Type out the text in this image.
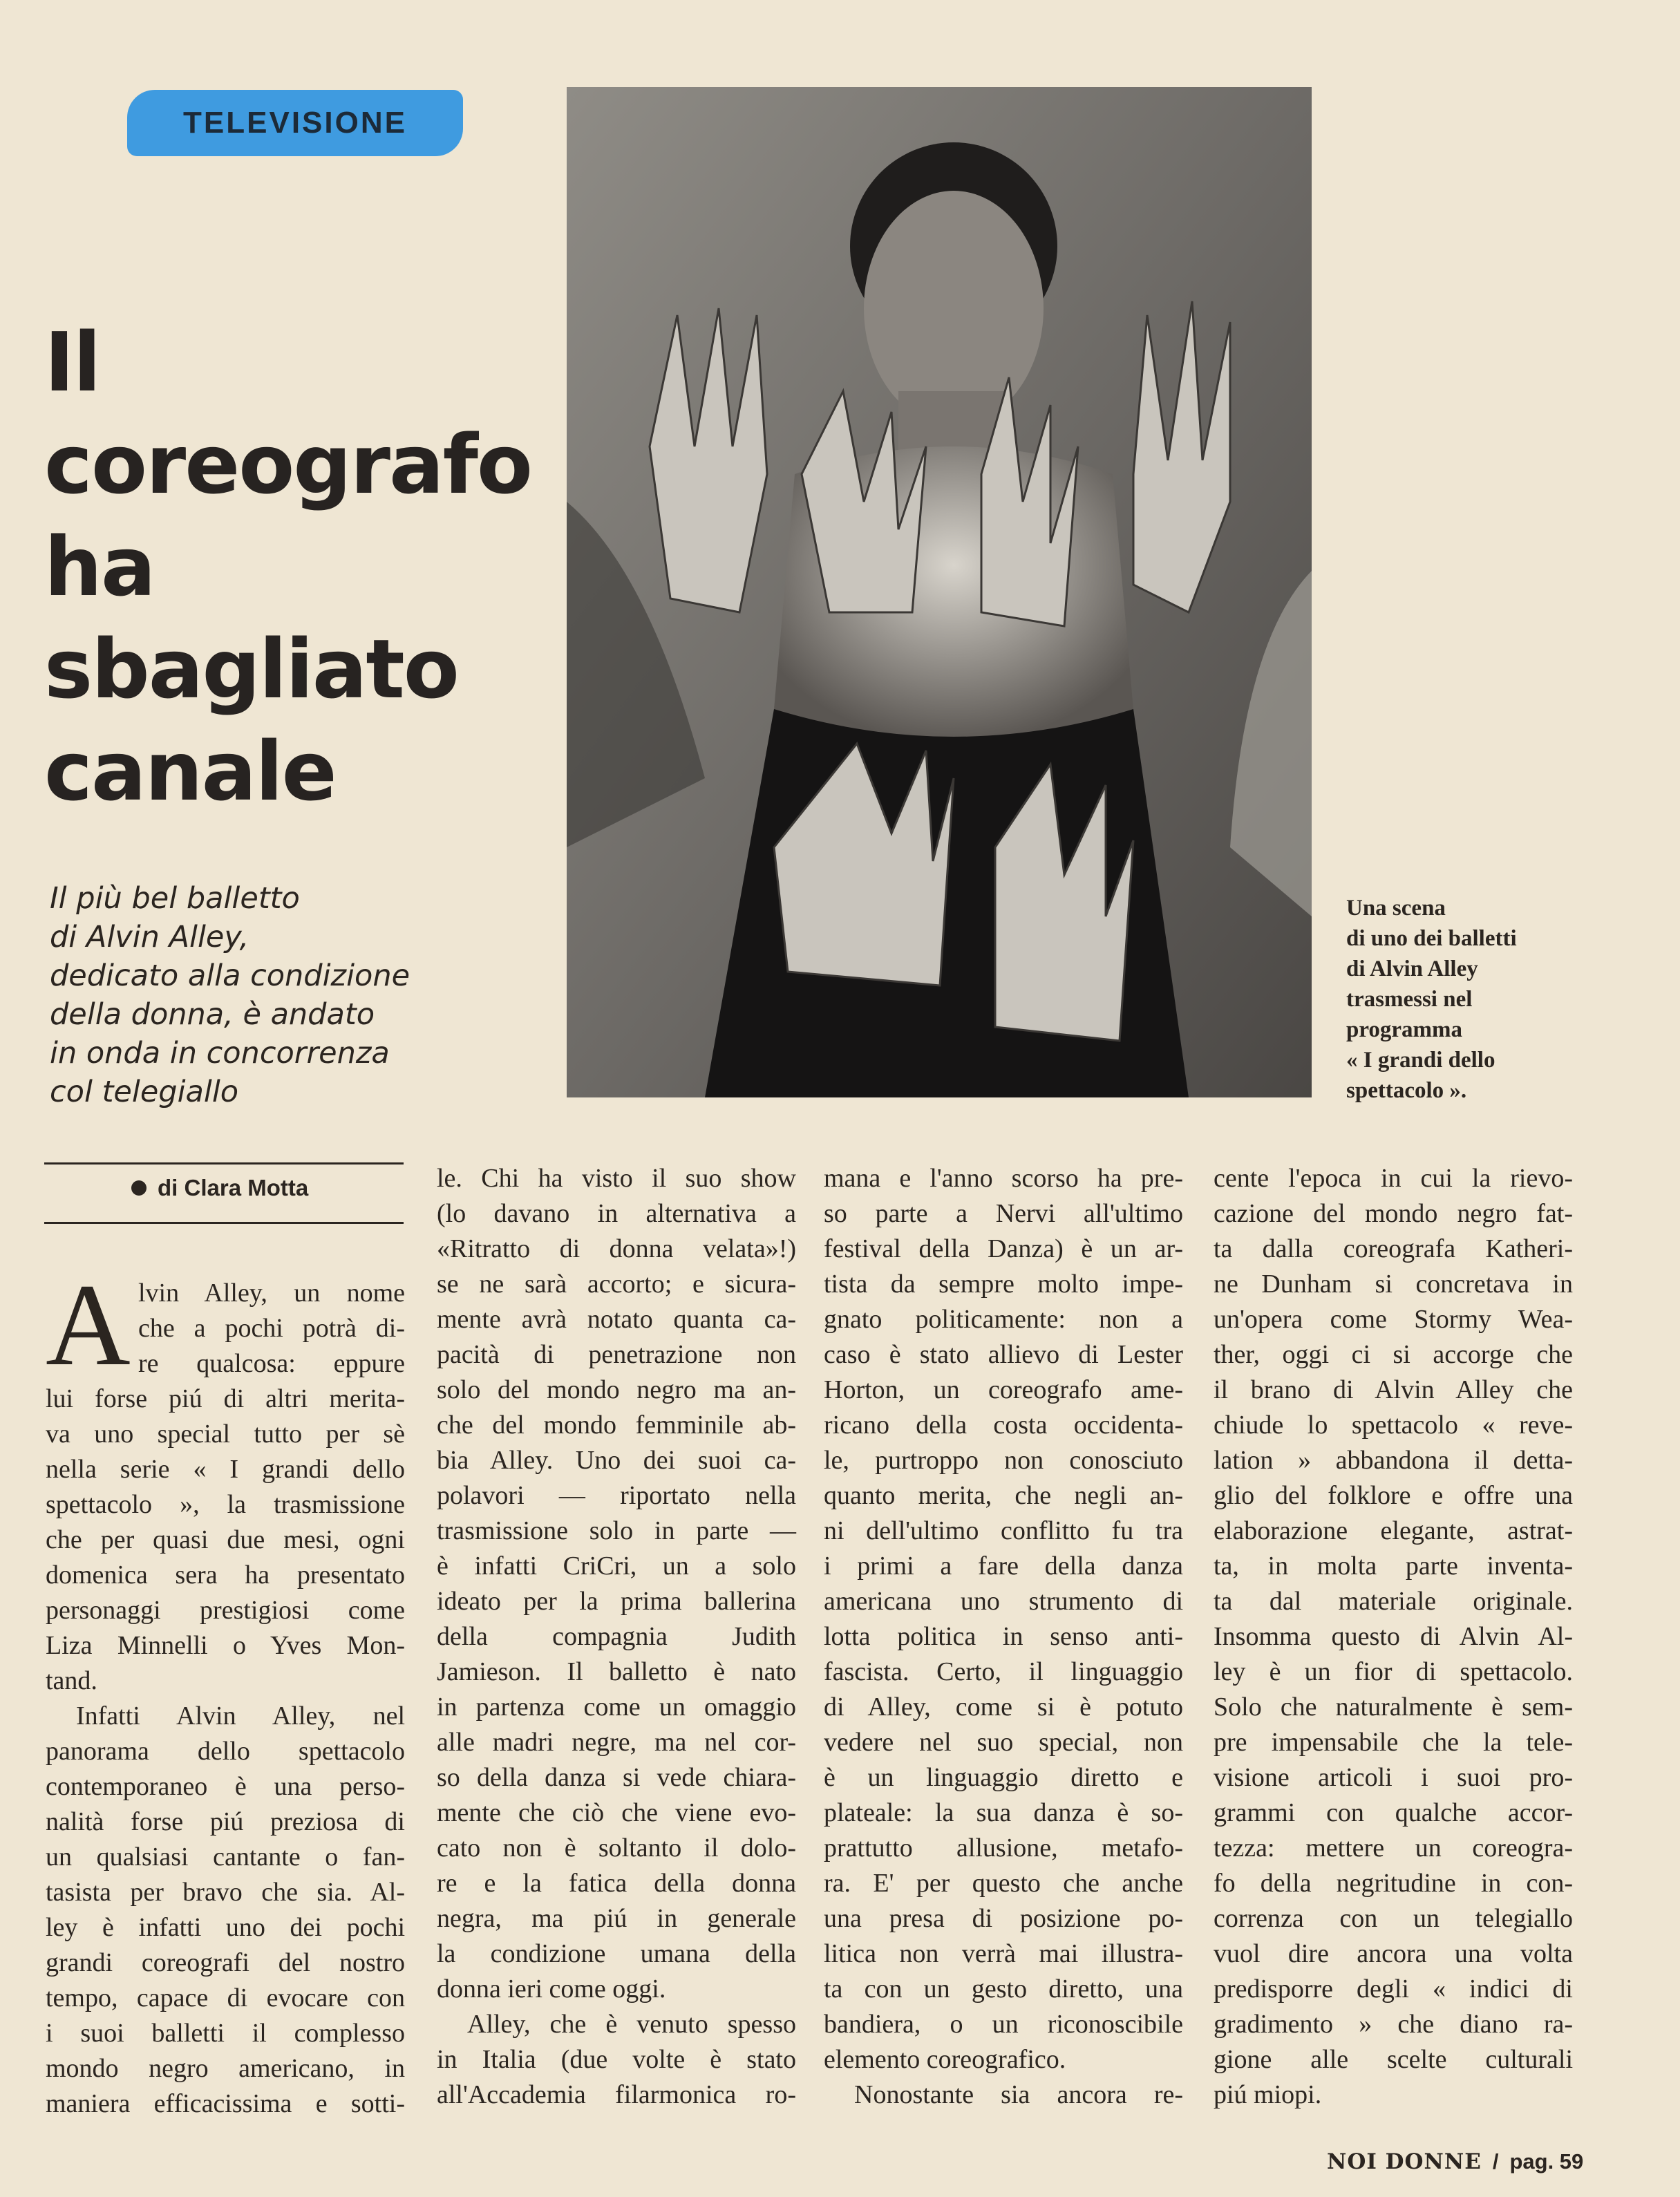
TELEVISIONE
Il
coreografo
ha
sbagliato
canale
Il più bel balletto
di Alvin Alley,
dedicato alla condizione
della donna, è andato
in onda in concorrenza
col telegiallo
di Clara Motta
Una scena
di uno dei balletti
di Alvin Alley
trasmessi nel
programma
« I grandi dello
spettacolo ».
A lvin Alley, un nome
che a pochi potrà di-
re qualcosa: eppure
lui forse piú di altri merita-
va uno special tutto per sè
nella serie « I grandi dello
spettacolo », la trasmissione
che per quasi due mesi, ogni
domenica sera ha presentato
personaggi prestigiosi come
Liza Minnelli o Yves Mon-
tand.
Infatti Alvin Alley, nel
panorama dello spettacolo
contemporaneo è una perso-
nalità forse piú preziosa di
un qualsiasi cantante o fan-
tasista per bravo che sia. Al-
ley è infatti uno dei pochi
grandi coreografi del nostro
tempo, capace di evocare con
i suoi balletti il complesso
mondo negro americano, in
maniera efficacissima e sotti-
le. Chi ha visto il suo show
(lo davano in alternativa a
«Ritratto di donna velata»!)
se ne sarà accorto; e sicura-
mente avrà notato quanta ca-
pacità di penetrazione non
solo del mondo negro ma an-
che del mondo femminile ab-
bia Alley. Uno dei suoi ca-
polavori — riportato nella
trasmissione solo in parte —
è infatti CriCri, un a solo
ideato per la prima ballerina
della compagnia Judith
Jamieson. Il balletto è nato
in partenza come un omaggio
alle madri negre, ma nel cor-
so della danza si vede chiara-
mente che ciò che viene evo-
cato non è soltanto il dolo-
re e la fatica della donna
negra, ma piú in generale
la condizione umana della
donna ieri come oggi.
Alley, che è venuto spesso
in Italia (due volte è stato
all'Accademia filarmonica ro-
mana e l'anno scorso ha pre-
so parte a Nervi all'ultimo
festival della Danza) è un ar-
tista da sempre molto impe-
gnato politicamente: non a
caso è stato allievo di Lester
Horton, un coreografo ame-
ricano della costa occidenta-
le, purtroppo non conosciuto
quanto merita, che negli an-
ni dell'ultimo conflitto fu tra
i primi a fare della danza
americana uno strumento di
lotta politica in senso anti-
fascista. Certo, il linguaggio
di Alley, come si è potuto
vedere nel suo special, non
è un linguaggio diretto e
plateale: la sua danza è so-
prattutto allusione, metafo-
ra. E' per questo che anche
una presa di posizione po-
litica non verrà mai illustra-
ta con un gesto diretto, una
bandiera, o un riconoscibile
elemento coreografico.
Nonostante sia ancora re-
cente l'epoca in cui la rievo-
cazione del mondo negro fat-
ta dalla coreografa Katheri-
ne Dunham si concretava in
un'opera come Stormy Wea-
ther, oggi ci si accorge che
il brano di Alvin Alley che
chiude lo spettacolo « reve-
lation » abbandona il detta-
glio del folklore e offre una
elaborazione elegante, astrat-
ta, in molta parte inventa-
ta dal materiale originale.
Insomma questo di Alvin Al-
ley è un fior di spettacolo.
Solo che naturalmente è sem-
pre impensabile che la tele-
visione articoli i suoi pro-
grammi con qualche accor-
tezza: mettere un coreogra-
fo della negritudine in con-
correnza con un telegiallo
vuol dire ancora una volta
predisporre degli « indici di
gradimento » che diano ra-
gione alle scelte culturali
piú miopi.
NOI DONNE / pag. 59
